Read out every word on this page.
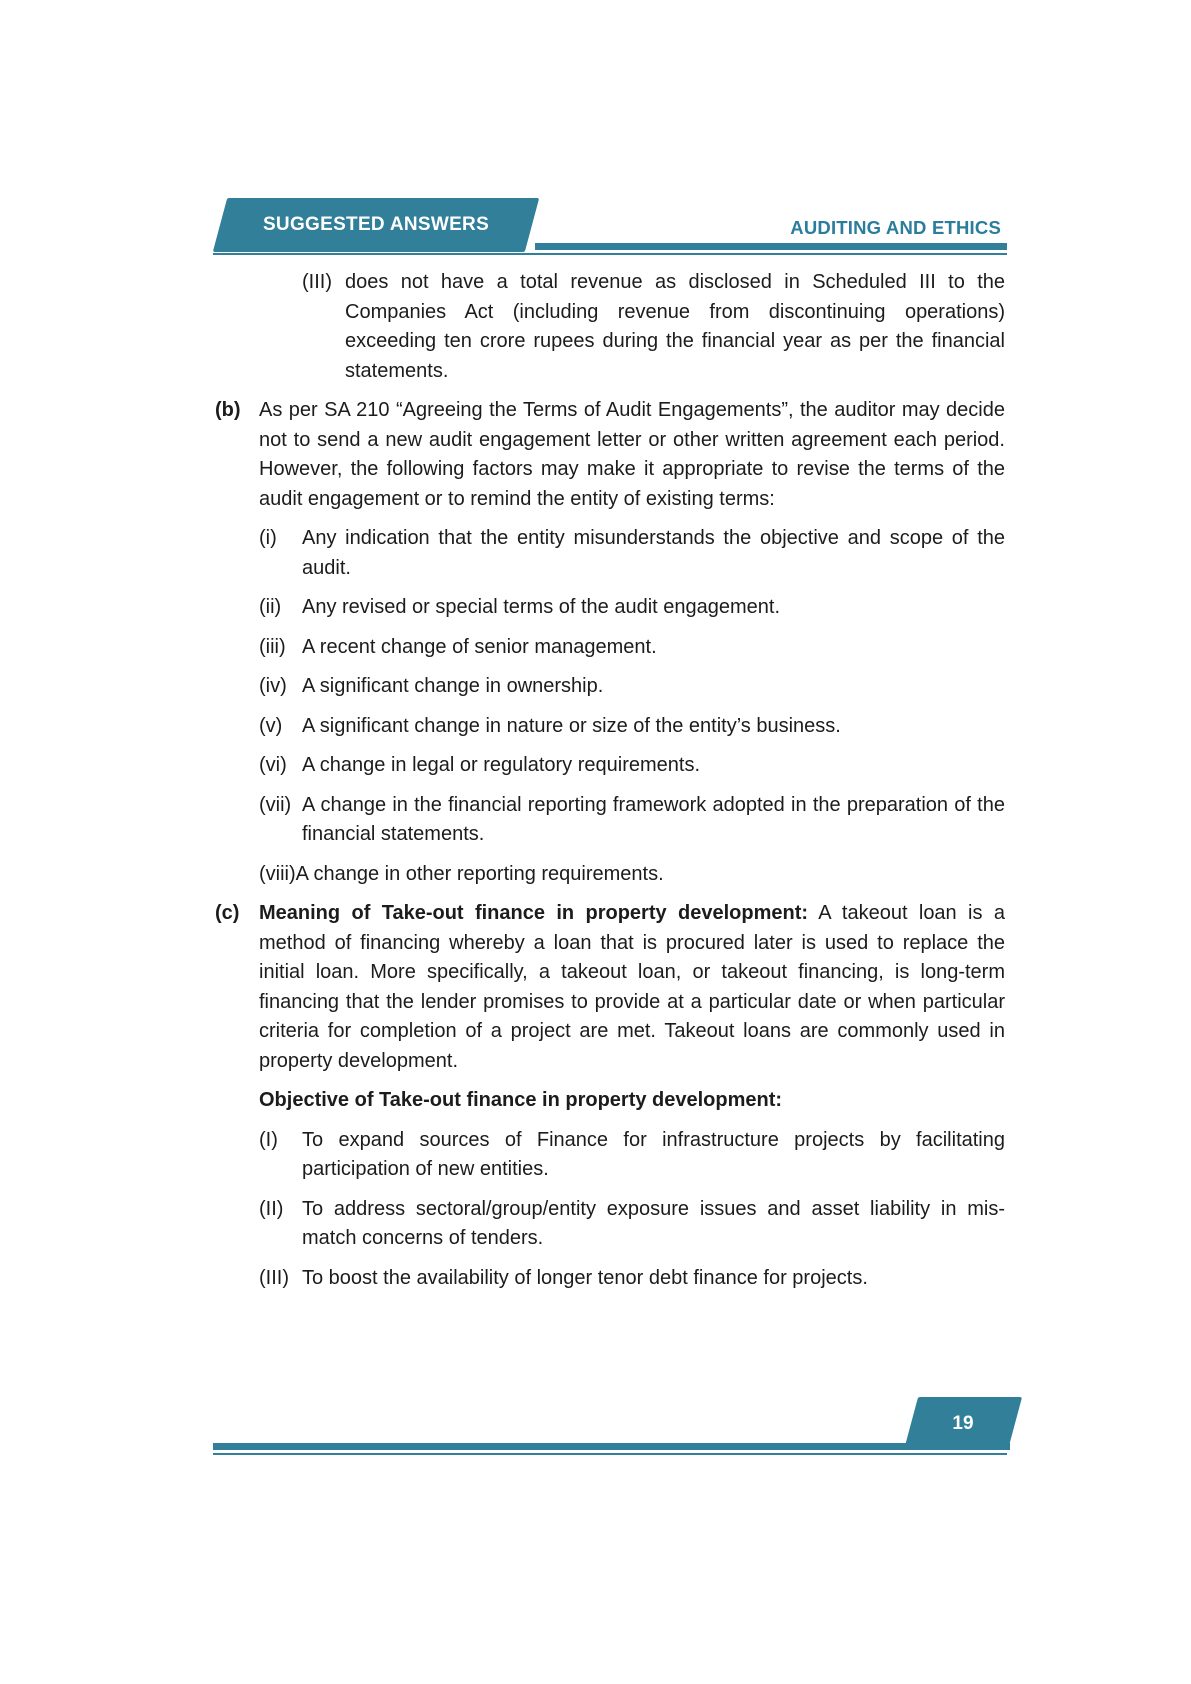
SUGGESTED ANSWERS	AUDITING AND ETHICS
(III) does not have a total revenue as disclosed in Scheduled III to the Companies Act (including revenue from discontinuing operations) exceeding ten crore rupees during the financial year as per the financial statements.
(b) As per SA 210 “Agreeing the Terms of Audit Engagements”, the auditor may decide not to send a new audit engagement letter or other written agreement each period. However, the following factors may make it appropriate to revise the terms of the audit engagement or to remind the entity of existing terms:
(i)	Any indication that the entity misunderstands the objective and scope of the audit.
(ii)	Any revised or special terms of the audit engagement.
(iii) A recent change of senior management.
(iv) A significant change in ownership.
(v) A significant change in nature or size of the entity’s business.
(vi) A change in legal or regulatory requirements.
(vii) A change in the financial reporting framework adopted in the preparation of the financial statements.
(viii)A change in other reporting requirements.
(c) Meaning of Take-out finance in property development: A takeout loan is a method of financing whereby a loan that is procured later is used to replace the initial loan. More specifically, a takeout loan, or takeout financing, is long-term financing that the lender promises to provide at a particular date or when particular criteria for completion of a project are met. Takeout loans are commonly used in property development.
Objective of Take-out finance in property development:
(I)	To expand sources of Finance for infrastructure projects by facilitating participation of new entities.
(II) To address sectoral/group/entity exposure issues and asset liability in mis-match concerns of tenders.
(III) To boost the availability of longer tenor debt finance for projects.
19
